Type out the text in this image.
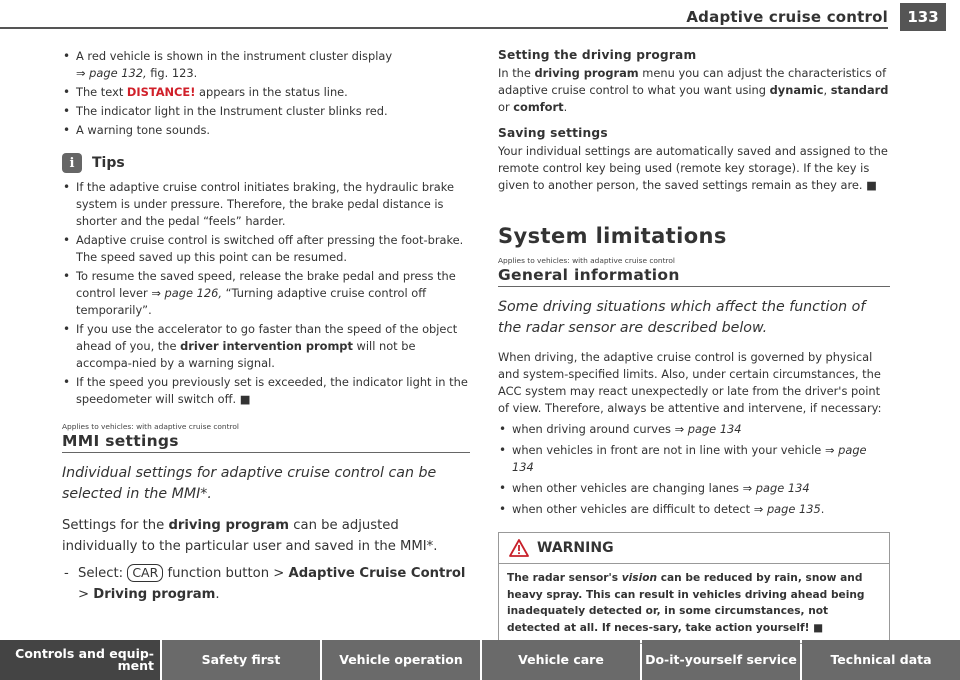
Adaptive cruise control	133
• A red vehicle is shown in the instrument cluster display
⇒ page 132, fig. 123.
• The text DISTANCE! appears in the status line.
• The indicator light in the Instrument cluster blinks red.
• A warning tone sounds.
i	Tips
• If the adaptive cruise control initiates braking, the hydraulic brake system is under pressure. Therefore, the brake pedal distance is shorter and the pedal “feels” harder.
• Adaptive cruise control is switched off after pressing the foot-brake. The speed saved up this point can be resumed.
• To resume the saved speed, release the brake pedal and press the control lever ⇒ page 126, “Turning adaptive cruise control off temporarily”.
• If you use the accelerator to go faster than the speed of the object ahead of you, the driver intervention prompt will not be accompa-nied by a warning signal.
• If the speed you previously set is exceeded, the indicator light in the speedometer will switch off. ■
Applies to vehicles: with adaptive cruise control
MMI settings
Individual settings for adaptive cruise control can be selected in the MMI*.
Settings for the driving program can be adjusted individually to the particular user and saved in the MMI*.
- Select: CAR function button > Adaptive Cruise Control > Driving program.
Setting the driving program

In the driving program menu you can adjust the characteristics of adaptive cruise control to what you want using dynamic, standard or comfort.

Saving settings

Your individual settings are automatically saved and assigned to the remote control key being used (remote key storage). If the key is given to another person, the saved settings remain as they are. ■

System limitations
Applies to vehicles: with adaptive cruise control
General information
Some driving situations which affect the function of the radar sensor are described below.

When driving, the adaptive cruise control is governed by physical and system-specified limits. Also, under certain circumstances, the ACC system may react unexpectedly or late from the driver's point of view. Therefore, always be attentive and intervene, if necessary:

• when driving around curves ⇒ page 134
• when vehicles in front are not in line with your vehicle ⇒ page 134
• when other vehicles are changing lanes ⇒ page 134
• when other vehicles are difficult to detect ⇒ page 135.
WARNING
The radar sensor's vision can be reduced by rain, snow and heavy spray. This can result in vehicles driving ahead being inadequately detected or, in some circumstances, not detected at all. If neces-sary, take action yourself! ■
Controls and equip-ment	Safety first	Vehicle operation	Vehicle care	Do-it-yourself service	Technical data
